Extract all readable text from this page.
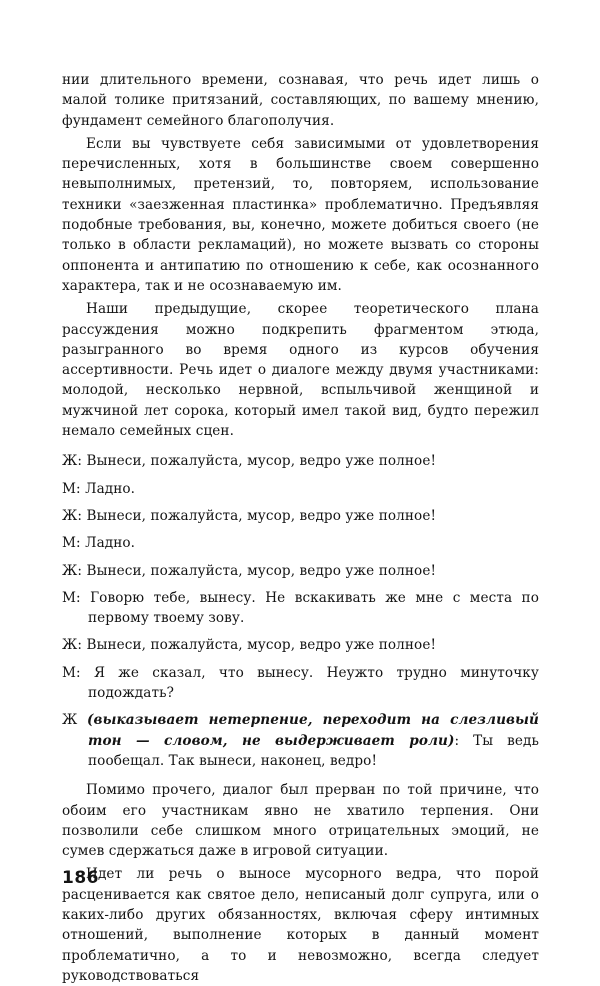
нии длительного времени, сознавая, что речь идет лишь о малой толике притязаний, составляющих, по вашему мнению, фундамент семейного благополучия.

Если вы чувствуете себя зависимыми от удовлетворения перечисленных, хотя в большинстве своем совершенно невыполнимых, претензий, то, повторяем, использование техники «заезженная пластинка» проблематично. Предъявляя подобные требования, вы, конечно, можете добиться своего (не только в области рекламаций), но можете вызвать со стороны оппонента и антипатию по отношению к себе, как осознанного характера, так и не осознаваемую им.

Наши предыдущие, скорее теоретического плана рассуждения можно подкрепить фрагментом этюда, разыгранного во время одного из курсов обучения ассертивности. Речь идет о диалоге между двумя участниками: молодой, несколько нервной, вспыльчивой женщиной и мужчиной лет сорока, который имел такой вид, будто пережил немало семейных сцен.

Ж: Вынеси, пожалуйста, мусор, ведро уже полное!

М: Ладно.

Ж: Вынеси, пожалуйста, мусор, ведро уже полное!

М: Ладно.

Ж: Вынеси, пожалуйста, мусор, ведро уже полное!

М: Говорю тебе, вынесу. Не вскакивать же мне с места по первому твоему зову.

Ж: Вынеси, пожалуйста, мусор, ведро уже полное!

М: Я же сказал, что вынесу. Неужто трудно минуточку подождать?

Ж (выказывает нетерпение, переходит на слезливый тон — словом, не выдерживает роли): Ты ведь пообещал. Так вынеси, наконец, ведро!

Помимо прочего, диалог был прерван по той причине, что обоим его участникам явно не хватило терпения. Они позволили себе слишком много отрицательных эмоций, не сумев сдержаться даже в игровой ситуации.

Идет ли речь о выносе мусорного ведра, что порой расценивается как святое дело, неписаный долг супруга, или о каких-либо других обязанностях, включая сферу интимных отношений, выполнение которых в данный момент проблематично, а то и невозможно, всегда следует руководствоваться

186
